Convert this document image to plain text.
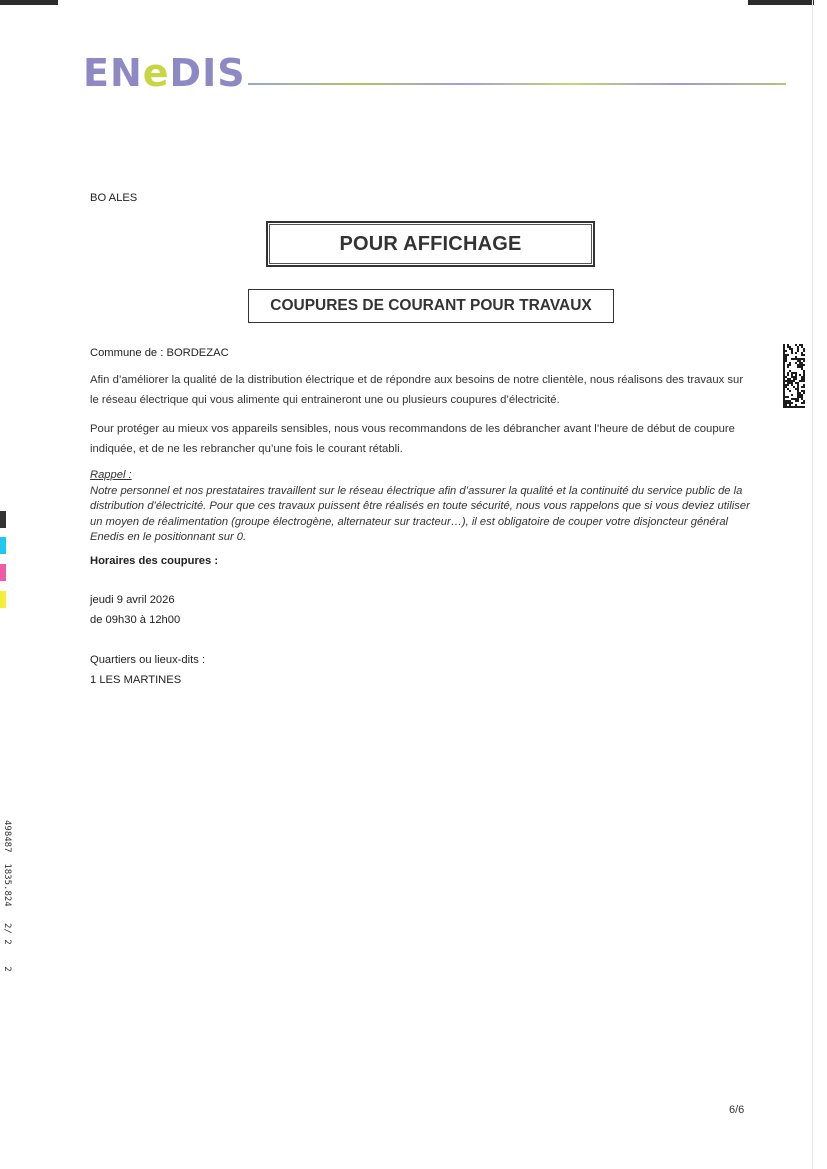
ENeDIS
BO ALES
POUR AFFICHAGE
COUPURES DE COURANT POUR TRAVAUX
Commune de : BORDEZAC
Afin d’améliorer la qualité de la distribution électrique et de répondre aux besoins de notre clientèle, nous réalisons des travaux sur le réseau électrique qui vous alimente qui entraineront une ou plusieurs coupures d’électricité.
Pour protéger au mieux vos appareils sensibles, nous vous recommandons de les débrancher avant l’heure de début de coupure indiquée, et de ne les rebrancher qu’une fois le courant rétabli.
Rappel :
Notre personnel et nos prestataires travaillent sur le réseau électrique afin d’assurer la qualité et la continuité du service public de la distribution d’électricité. Pour que ces travaux puissent être réalisés en toute sécurité, nous vous rappelons que si vous deviez utiliser un moyen de réalimentation (groupe électrogène, alternateur sur tracteur…), il est obligatoire de couper votre disjoncteur général Enedis en le positionnant sur 0.
Horaires des coupures :
jeudi 9 avril 2026
de 09h30 à 12h00
Quartiers ou lieux-dits :
1 LES MARTINES
498487  1835.824   2/ 2    2
6/6
